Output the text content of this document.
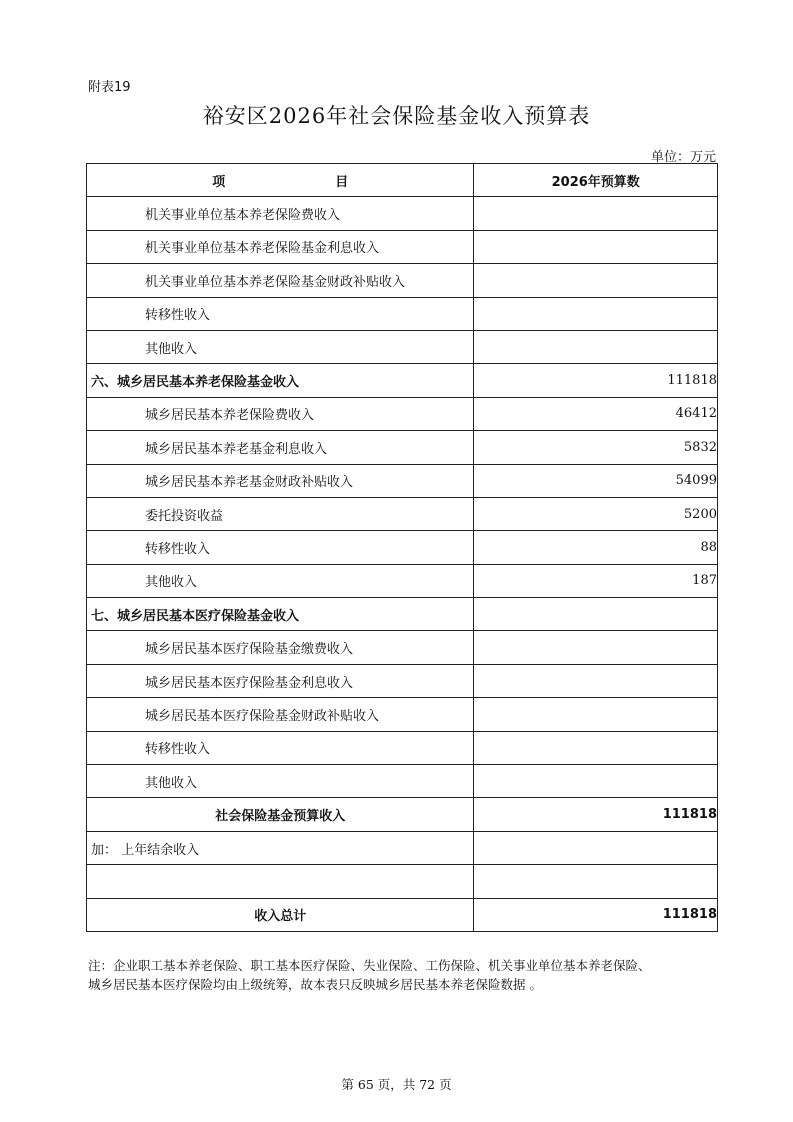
附表19
裕安区2026年社会保险基金收入预算表
单位：万元
项 目	2026年预算数
机关事业单位基本养老保险费收入	
机关事业单位基本养老保险基金利息收入	
机关事业单位基本养老保险基金财政补贴收入	
转移性收入	
其他收入	
六、城乡居民基本养老保险基金收入	111818
城乡居民基本养老保险费收入	46412
城乡居民基本养老基金利息收入	5832
城乡居民基本养老基金财政补贴收入	54099
委托投资收益	5200
转移性收入	88
其他收入	187
七、城乡居民基本医疗保险基金收入	
城乡居民基本医疗保险基金缴费收入	
城乡居民基本医疗保险基金利息收入	
城乡居民基本医疗保险基金财政补贴收入	
转移性收入	
其他收入	
社会保险基金预算收入	111818
加： 上年结余收入	

收入总计	111818
注：企业职工基本养老保险、职工基本医疗保险、失业保险、工伤保险、机关事业单位基本养老保险、
城乡居民基本医疗保险均由上级统筹，故本表只反映城乡居民基本养老保险数据 。
第 65 页，共 72 页
